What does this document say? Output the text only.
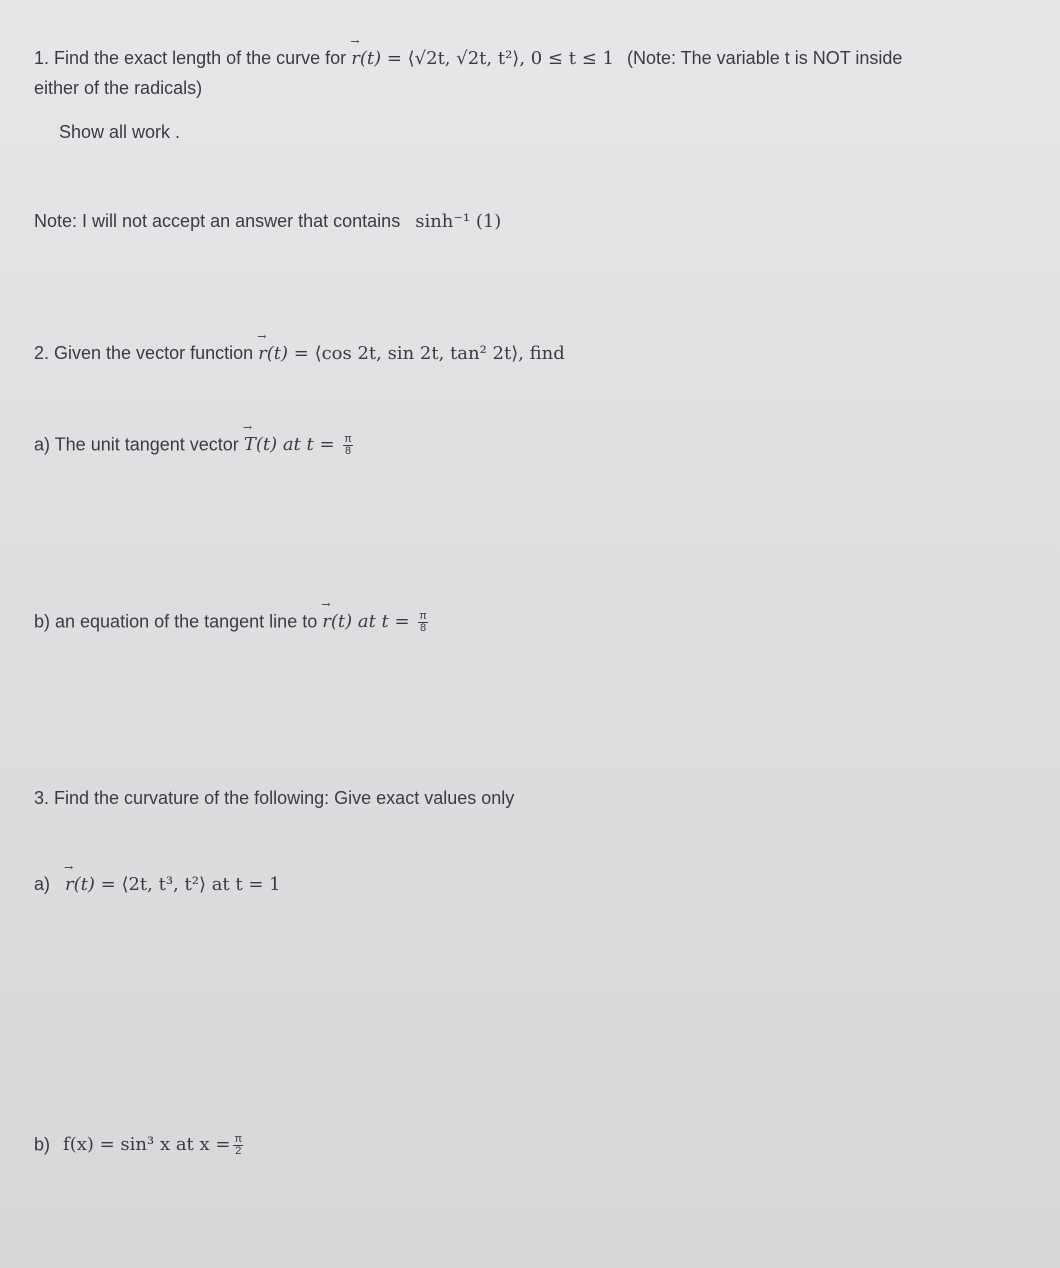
1. Find the exact length of the curve for → r(t) = ⟨√2t, √2t, t²⟩, 0 ≤ t ≤ 1 (Note: The variable t is NOT inside
either of the radicals)
Show all work .
Note: I will not accept an answer that contains sinh⁻¹ (1)
2. Given the vector function → r(t) = ⟨cos 2t, sin 2t, tan² 2t⟩, find
a) The unit tangent vector → T(t) at $t = \frac{\pi}{8}$
b) an equation of the tangent line to → r(t) at $t = \frac{\pi}{8}$
3. Find the curvature of the following: Give exact values only
a) → r(t) = ⟨2t, t³, t²⟩ at t = 1
b) f(x) = sin³ x at $x = \frac{\pi}{2}$
